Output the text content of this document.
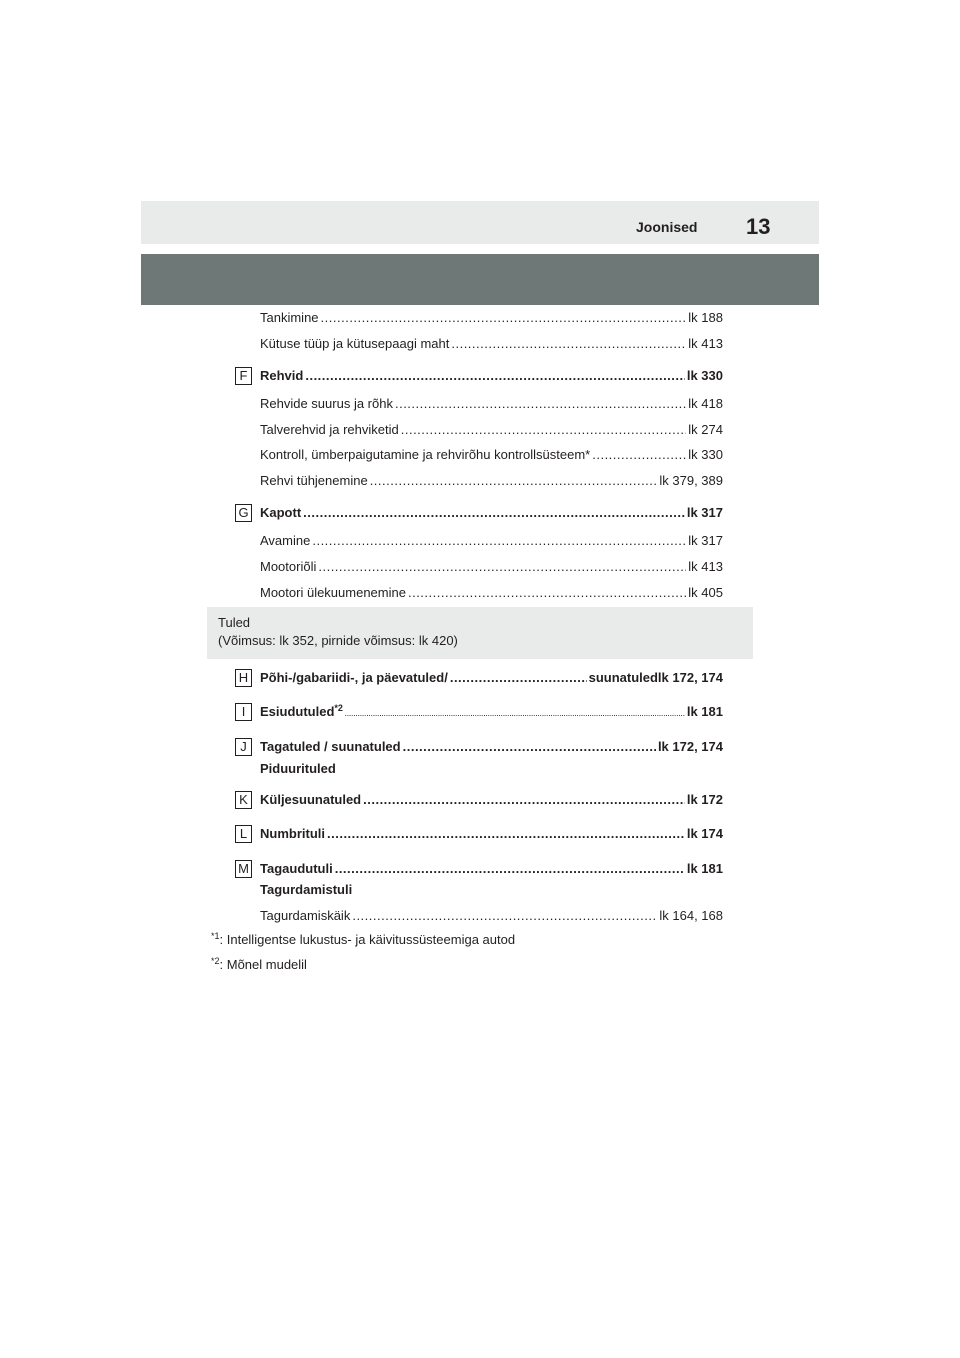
Joonised 13
Tankimine .....	lk 188
Kütuse tüüp ja kütusepaagi maht .....	lk 413
F Rehvid .....	lk 330
Rehvide suurus ja rõhk .....	lk 418
Talverehvid ja rehviketid .....	lk 274
Kontroll, ümberpaigutamine ja rehvirõhu kontrollsüsteem* .....	lk 330
Rehvi tühjenemine .....	lk 379, 389
G Kapott .....	lk 317
Avamine .....	lk 317
Mootoriõli .....	lk 413
Mootori ülekuumenemine .....	lk 405
Tuled
(Võimsus: lk 352, pirnide võimsus: lk 420)
H Põhi-/gabariidi-, ja päevatuled/ .....	suunatuledlk 172, 174
I	Esiudutuled$^{*2}$ .....	lk 181
J	Tagatuled / suunatuled .....	lk 172, 174
Piduurituled
K Küljesuunatuled .....	lk 172
L Numbrituli .....	lk 174
M Tagaudutuli .....	lk 181
Tagurdamistuli
Tagurdamiskäik .....	lk 164, 168
$^{*1}$: Intelligentse lukustus- ja käivitussüsteemiga autod
$^{*2}$: Mõnel mudelil
